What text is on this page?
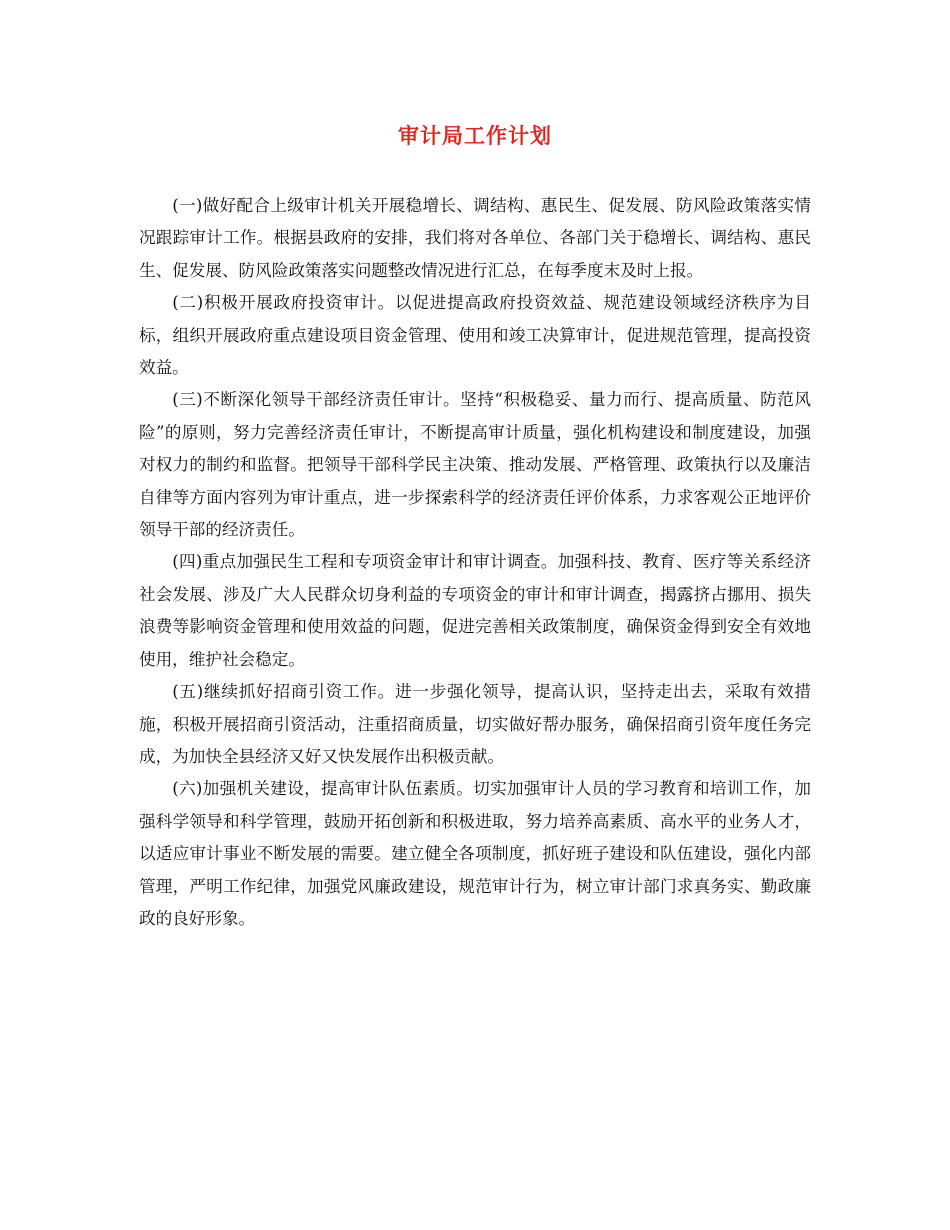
审计局工作计划

(一)做好配合上级审计机关开展稳增长、调结构、惠民生、促发展、防风险政策落实情况跟踪审计工作。根据县政府的安排，我们将对各单位、各部门关于稳增长、调结构、惠民生、促发展、防风险政策落实问题整改情况进行汇总，在每季度末及时上报。

(二)积极开展政府投资审计。以促进提高政府投资效益、规范建设领域经济秩序为目标，组织开展政府重点建设项目资金管理、使用和竣工决算审计，促进规范管理，提高投资效益。

(三)不断深化领导干部经济责任审计。坚持“积极稳妥、量力而行、提高质量、防范风险”的原则，努力完善经济责任审计，不断提高审计质量，强化机构建设和制度建设，加强对权力的制约和监督。把领导干部科学民主决策、推动发展、严格管理、政策执行以及廉洁自律等方面内容列为审计重点，进一步探索科学的经济责任评价体系，力求客观公正地评价领导干部的经济责任。

(四)重点加强民生工程和专项资金审计和审计调查。加强科技、教育、医疗等关系经济社会发展、涉及广大人民群众切身利益的专项资金的审计和审计调查，揭露挤占挪用、损失浪费等影响资金管理和使用效益的问题，促进完善相关政策制度，确保资金得到安全有效地使用，维护社会稳定。

(五)继续抓好招商引资工作。进一步强化领导，提高认识，坚持走出去，采取有效措施，积极开展招商引资活动，注重招商质量，切实做好帮办服务，确保招商引资年度任务完成，为加快全县经济又好又快发展作出积极贡献。

(六)加强机关建设，提高审计队伍素质。切实加强审计人员的学习教育和培训工作，加强科学领导和科学管理，鼓励开拓创新和积极进取，努力培养高素质、高水平的业务人才，以适应审计事业不断发展的需要。建立健全各项制度，抓好班子建设和队伍建设，强化内部管理，严明工作纪律，加强党风廉政建设，规范审计行为，树立审计部门求真务实、勤政廉政的良好形象。
